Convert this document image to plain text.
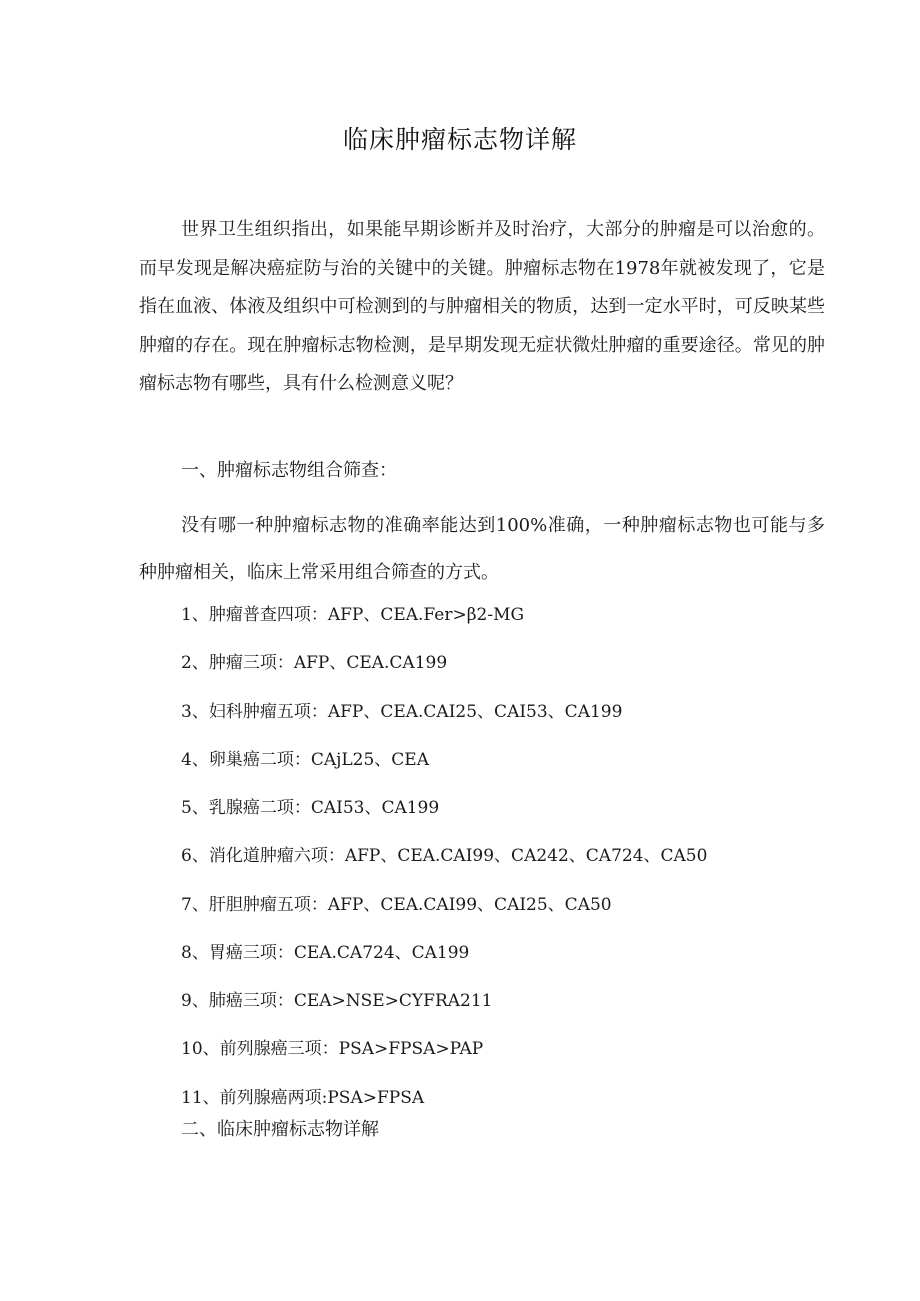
临床肿瘤标志物详解

世界卫生组织指出，如果能早期诊断并及时治疗，大部分的肿瘤是可以治愈的。而早发现是解决癌症防与治的关键中的关键。肿瘤标志物在1978年就被发现了，它是指在血液、体液及组织中可检测到的与肿瘤相关的物质，达到一定水平时，可反映某些肿瘤的存在。现在肿瘤标志物检测，是早期发现无症状微灶肿瘤的重要途径。常见的肿瘤标志物有哪些，具有什么检测意义呢？

一、肿瘤标志物组合筛查：

没有哪一种肿瘤标志物的准确率能达到100%准确，一种肿瘤标志物也可能与多种肿瘤相关，临床上常采用组合筛查的方式。

1、肿瘤普查四项：AFP、CEA.Fer>β2-MG

2、肿瘤三项：AFP、CEA.CA199

3、妇科肿瘤五项：AFP、CEA.CAI25、CAI53、CA199

4、卵巢癌二项：CAjL25、CEA

5、乳腺癌二项：CAI53、CA199

6、消化道肿瘤六项：AFP、CEA.CAI99、CA242、CA724、CA50

7、肝胆肿瘤五项：AFP、CEA.CAI99、CAI25、CA50

8、胃癌三项：CEA.CA724、CA199

9、肺癌三项：CEA>NSE>CYFRA211

10、前列腺癌三项：PSA>FPSA>PAP

11、前列腺癌两项:PSA>FPSA

二、临床肿瘤标志物详解
